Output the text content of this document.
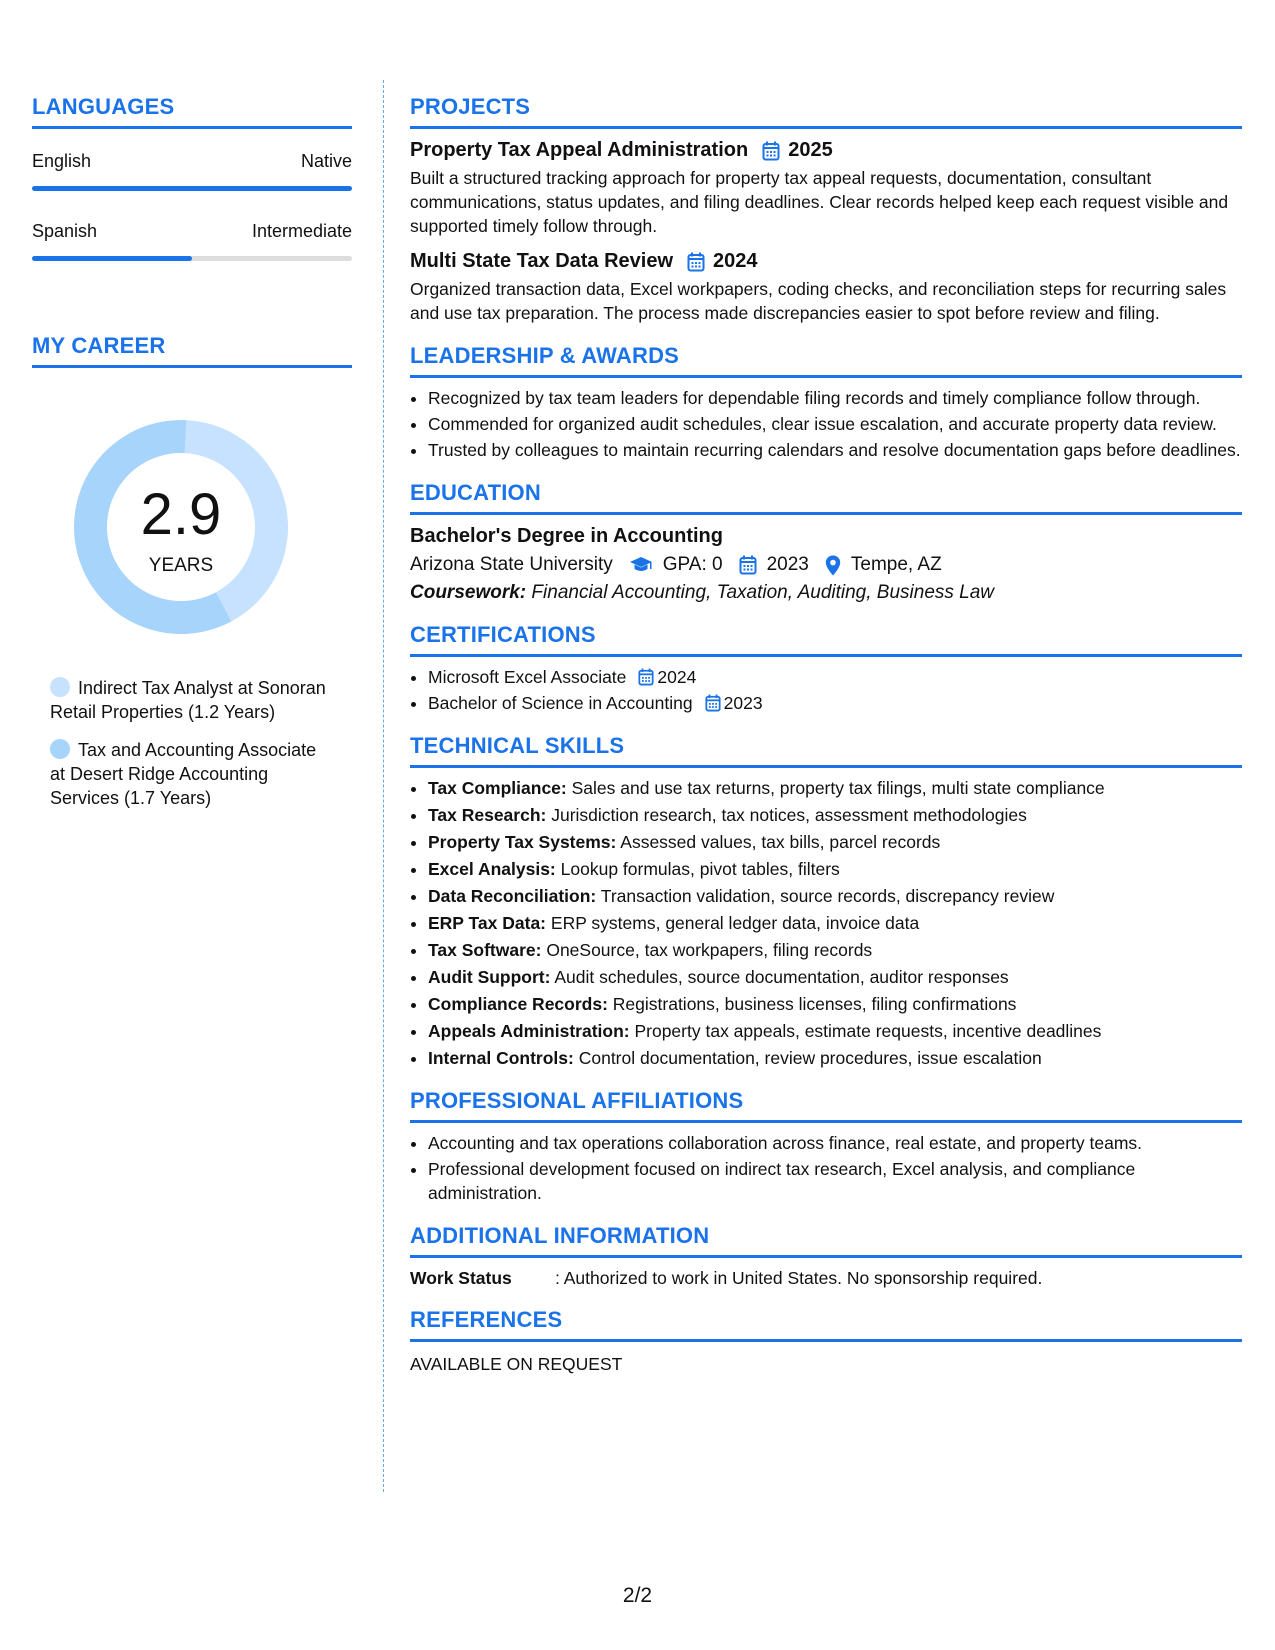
LANGUAGES
English	Native
Spanish	Intermediate
MY CAREER
2.9
YEARS
Indirect Tax Analyst at Sonoran Retail Properties (1.2 Years)
Tax and Accounting Associate at Desert Ridge Accounting Services (1.7 Years)
PROJECTS
Property Tax Appeal Administration 2025
Built a structured tracking approach for property tax appeal requests, documentation, consultant communications, status updates, and filing deadlines. Clear records helped keep each request visible and supported timely follow through.
Multi State Tax Data Review 2024
Organized transaction data, Excel workpapers, coding checks, and reconciliation steps for recurring sales and use tax preparation. The process made discrepancies easier to spot before review and filing.
LEADERSHIP & AWARDS
• Recognized by tax team leaders for dependable filing records and timely compliance follow through.
• Commended for organized audit schedules, clear issue escalation, and accurate property data review.
• Trusted by colleagues to maintain recurring calendars and resolve documentation gaps before deadlines.
EDUCATION
Bachelor's Degree in Accounting
Arizona State University	GPA: 0 2023 Tempe, AZ
Coursework: Financial Accounting, Taxation, Auditing, Business Law
CERTIFICATIONS
• Microsoft Excel Associate 2024
• Bachelor of Science in Accounting 2023
TECHNICAL SKILLS
• Tax Compliance: Sales and use tax returns, property tax filings, multi state compliance
• Tax Research: Jurisdiction research, tax notices, assessment methodologies
• Property Tax Systems: Assessed values, tax bills, parcel records
• Excel Analysis: Lookup formulas, pivot tables, filters
• Data Reconciliation: Transaction validation, source records, discrepancy review
• ERP Tax Data: ERP systems, general ledger data, invoice data
• Tax Software: OneSource, tax workpapers, filing records
• Audit Support: Audit schedules, source documentation, auditor responses
• Compliance Records: Registrations, business licenses, filing confirmations
• Appeals Administration: Property tax appeals, estimate requests, incentive deadlines
• Internal Controls: Control documentation, review procedures, issue escalation
PROFESSIONAL AFFILIATIONS
• Accounting and tax operations collaboration across finance, real estate, and property teams.
• Professional development focused on indirect tax research, Excel analysis, and compliance administration.
ADDITIONAL INFORMATION
Work Status	: Authorized to work in United States. No sponsorship required.
REFERENCES
AVAILABLE ON REQUEST
2/2
